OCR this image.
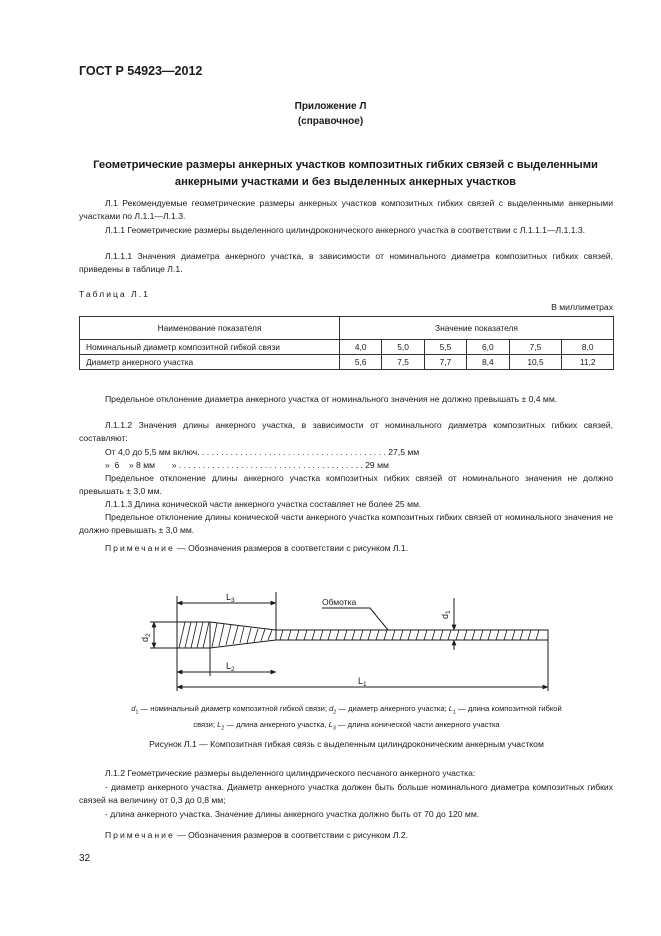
ГОСТ Р 54923—2012
Приложение Л
(справочное)
Геометрические размеры анкерных участков композитных гибких связей с выделенными
анкерными участками и без выделенных анкерных участков
Л.1 Рекомендуемые геометрические размеры анкерных участков композитных гибких связей с выделенными анкерными участками по Л.1.1—Л.1.3.
Л.1.1 Геометрические размеры выделенного цилиндроконического анкерного участка в соответствии с Л.1.1.1—Л.1.1.3.
Л.1.1.1 Значения диаметра анкерного участка, в зависимости от номинального диаметра композитных гибких связей, приведены в таблице Л.1.
Таблица Л.1
В миллиметрах
Наименование показателя	Значение показателя					
Номинальный диаметр композитной гибкой связи	4,0	5,0	5,5	6,0	7,5	8,0
Диаметр анкерного участка	5,6	7,5	7,7	8,4	10,5	11,2
Предельное отклонение диаметра анкерного участка от номинального значения не должно превышать ± 0,4 мм.
Л.1.1.2 Значения длины анкерного участка, в зависимости от номинального диаметра композитных гибких связей, составляют:
От 4,0 до 5,5 мм включ. . . . . . . . . . . . . . . . . . . . . . . . . . . . . . . . . . . . . . . . 27,5 мм
»  6    » 8 мм       » . . . . . . . . . . . . . . . . . . . . . . . . . . . . . . . . . . . . . . . 29 мм
Предельное отклонение длины анкерного участка композитных гибких связей от номинального значения не должно превышать ± 3,0 мм.
Л.1.1.3 Длина конической части анкерного участка составляет не более 25 мм.
Предельное отклонение длины конической части анкерного участка композитных гибких связей от номинального значения не должно превышать ± 3,0 мм.
Примечание — Обозначения размеров в соответствии с рисунком Л.1.
$L_3$
$L_2$
$L_1$
Обмотка
$d_2$
$d_1$
$d_1$ — номинальный диаметр композитной гибкой связи; $d_2$ — диаметр анкерного участка; $L_1$ — длина композитной гибкой
связи; $L_2$ — длина анкерного участка, $L_3$ — длина конической части анкерного участка
Рисунок Л.1 — Композитная гибкая связь с выделенным цилиндроконическим анкерным участком
Л.1.2 Геометрические размеры выделенного цилиндрического песчаного анкерного участка:
- диаметр анкерного участка. Диаметр анкерного участка должен быть больше номинального диаметра композитных гибких связей на величину от 0,3 до 0,8 мм;
- длина анкерного участка. Значение длины анкерного участка должно быть от 70 до 120 мм.
Примечание — Обозначения размеров в соответствии с рисунком Л.2.
32
